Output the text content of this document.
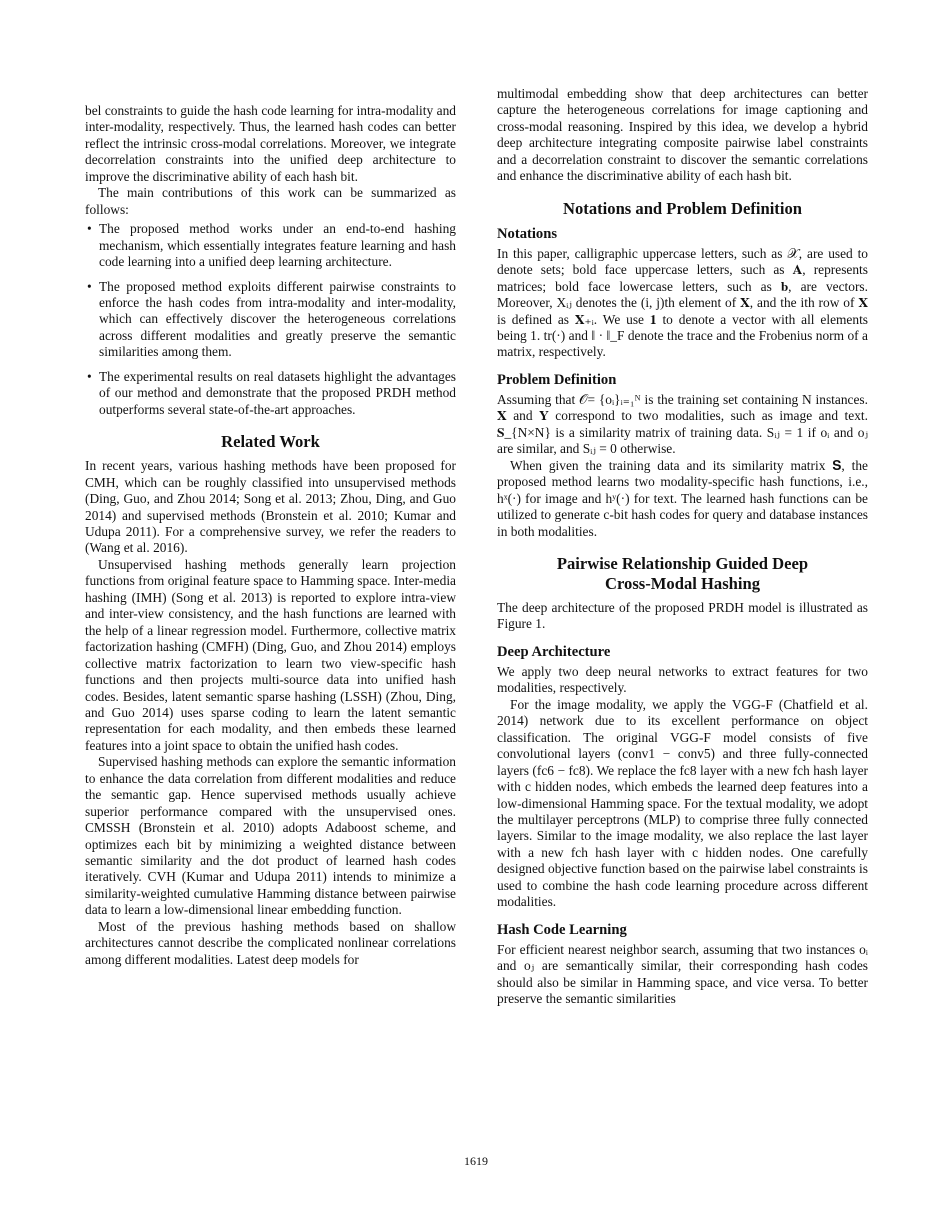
bel constraints to guide the hash code learning for intra-modality and inter-modality, respectively. Thus, the learned hash codes can better reflect the intrinsic cross-modal correlations. Moreover, we integrate decorrelation constraints into the unified deep architecture to improve the discriminative ability of each hash bit.

The main contributions of this work can be summarized as follows:

• The proposed method works under an end-to-end hashing mechanism, which essentially integrates feature learning and hash code learning into a unified deep learning architecture.
• The proposed method exploits different pairwise constraints to enforce the hash codes from intra-modality and inter-modality, which can effectively discover the heterogeneous correlations across different modalities and greatly preserve the semantic similarities among them.
• The experimental results on real datasets highlight the advantages of our method and demonstrate that the proposed PRDH method outperforms several state-of-the-art approaches.
Related Work

In recent years, various hashing methods have been proposed for CMH, which can be roughly classified into unsupervised methods (Ding, Guo, and Zhou 2014; Song et al. 2013; Zhou, Ding, and Guo 2014) and supervised methods (Bronstein et al. 2010; Kumar and Udupa 2011). For a comprehensive survey, we refer the readers to (Wang et al. 2016).

Unsupervised hashing methods generally learn projection functions from original feature space to Hamming space. Inter-media hashing (IMH) (Song et al. 2013) is reported to explore intra-view and inter-view consistency, and the hash functions are learned with the help of a linear regression model. Furthermore, collective matrix factorization hashing (CMFH) (Ding, Guo, and Zhou 2014) employs collective matrix factorization to learn two view-specific hash functions and then projects multi-source data into unified hash codes. Besides, latent semantic sparse hashing (LSSH) (Zhou, Ding, and Guo 2014) uses sparse coding to learn the latent semantic representation for each modality, and then embeds these learned features into a joint space to obtain the unified hash codes.

Supervised hashing methods can explore the semantic information to enhance the data correlation from different modalities and reduce the semantic gap. Hence supervised methods usually achieve superior performance compared with the unsupervised ones. CMSSH (Bronstein et al. 2010) adopts Adaboost scheme, and optimizes each bit by minimizing a weighted distance between semantic similarity and the dot product of learned hash codes iteratively. CVH (Kumar and Udupa 2011) intends to minimize a similarity-weighted cumulative Hamming distance between pairwise data to learn a low-dimensional linear embedding function.

Most of the previous hashing methods based on shallow architectures cannot describe the complicated nonlinear correlations among different modalities. Latest deep models for

multimodal embedding show that deep architectures can better capture the heterogeneous correlations for image captioning and cross-modal reasoning. Inspired by this idea, we develop a hybrid deep architecture integrating composite pairwise label constraints and a decorrelation constraint to discover the semantic correlations and enhance the discriminative ability of each hash bit.

Notations and Problem Definition
Notations

In this paper, calligraphic uppercase letters, such as 𝒳, are used to denote sets; bold face uppercase letters, such as 𝐀, represents matrices; bold face lowercase letters, such as 𝐛, are vectors. Moreover, Xᵢⱼ denotes the (i, j)th element of 𝐗, and the ith row of 𝐗 is defined as 𝐗₊ᵢ. We use 𝟏 to denote a vector with all elements being 1. tr(·) and ‖ · ‖_F denote the trace and the Frobenius norm of a matrix, respectively.

Problem Definition

Assuming that 𝒪= {oᵢ}ᵢ₌₁ᴺ is the training set containing N instances. 𝐗 and 𝐘 correspond to two modalities, such as image and text. 𝐒_{N×N} is a similarity matrix of training data. Sᵢⱼ = 1 if oᵢ and oⱼ are similar, and Sᵢⱼ = 0 otherwise.

When given the training data and its similarity matrix 𝐒, the proposed method learns two modality-specific hash functions, i.e., hˣ(·) for image and hʸ(·) for text. The learned hash functions can be utilized to generate c-bit hash codes for query and database instances in both modalities.

Pairwise Relationship Guided Deep
Cross-Modal Hashing

The deep architecture of the proposed PRDH model is illustrated as Figure 1.

Deep Architecture

We apply two deep neural networks to extract features for two modalities, respectively.

For the image modality, we apply the VGG-F (Chatfield et al. 2014) network due to its excellent performance on object classification. The original VGG-F model consists of five convolutional layers (conv1 − conv5) and three fully-connected layers (fc6 − fc8). We replace the fc8 layer with a new fch hash layer with c hidden nodes, which embeds the learned deep features into a low-dimensional Hamming space. For the textual modality, we adopt the multilayer perceptrons (MLP) to comprise three fully connected layers. Similar to the image modality, we also replace the last layer with a new fch hash layer with c hidden nodes. One carefully designed objective function based on the pairwise label constraints is used to combine the hash code learning procedure across different modalities.

Hash Code Learning

For efficient nearest neighbor search, assuming that two instances oᵢ and oⱼ are semantically similar, their corresponding hash codes should also be similar in Hamming space, and vice versa. To better preserve the semantic similarities

1619
